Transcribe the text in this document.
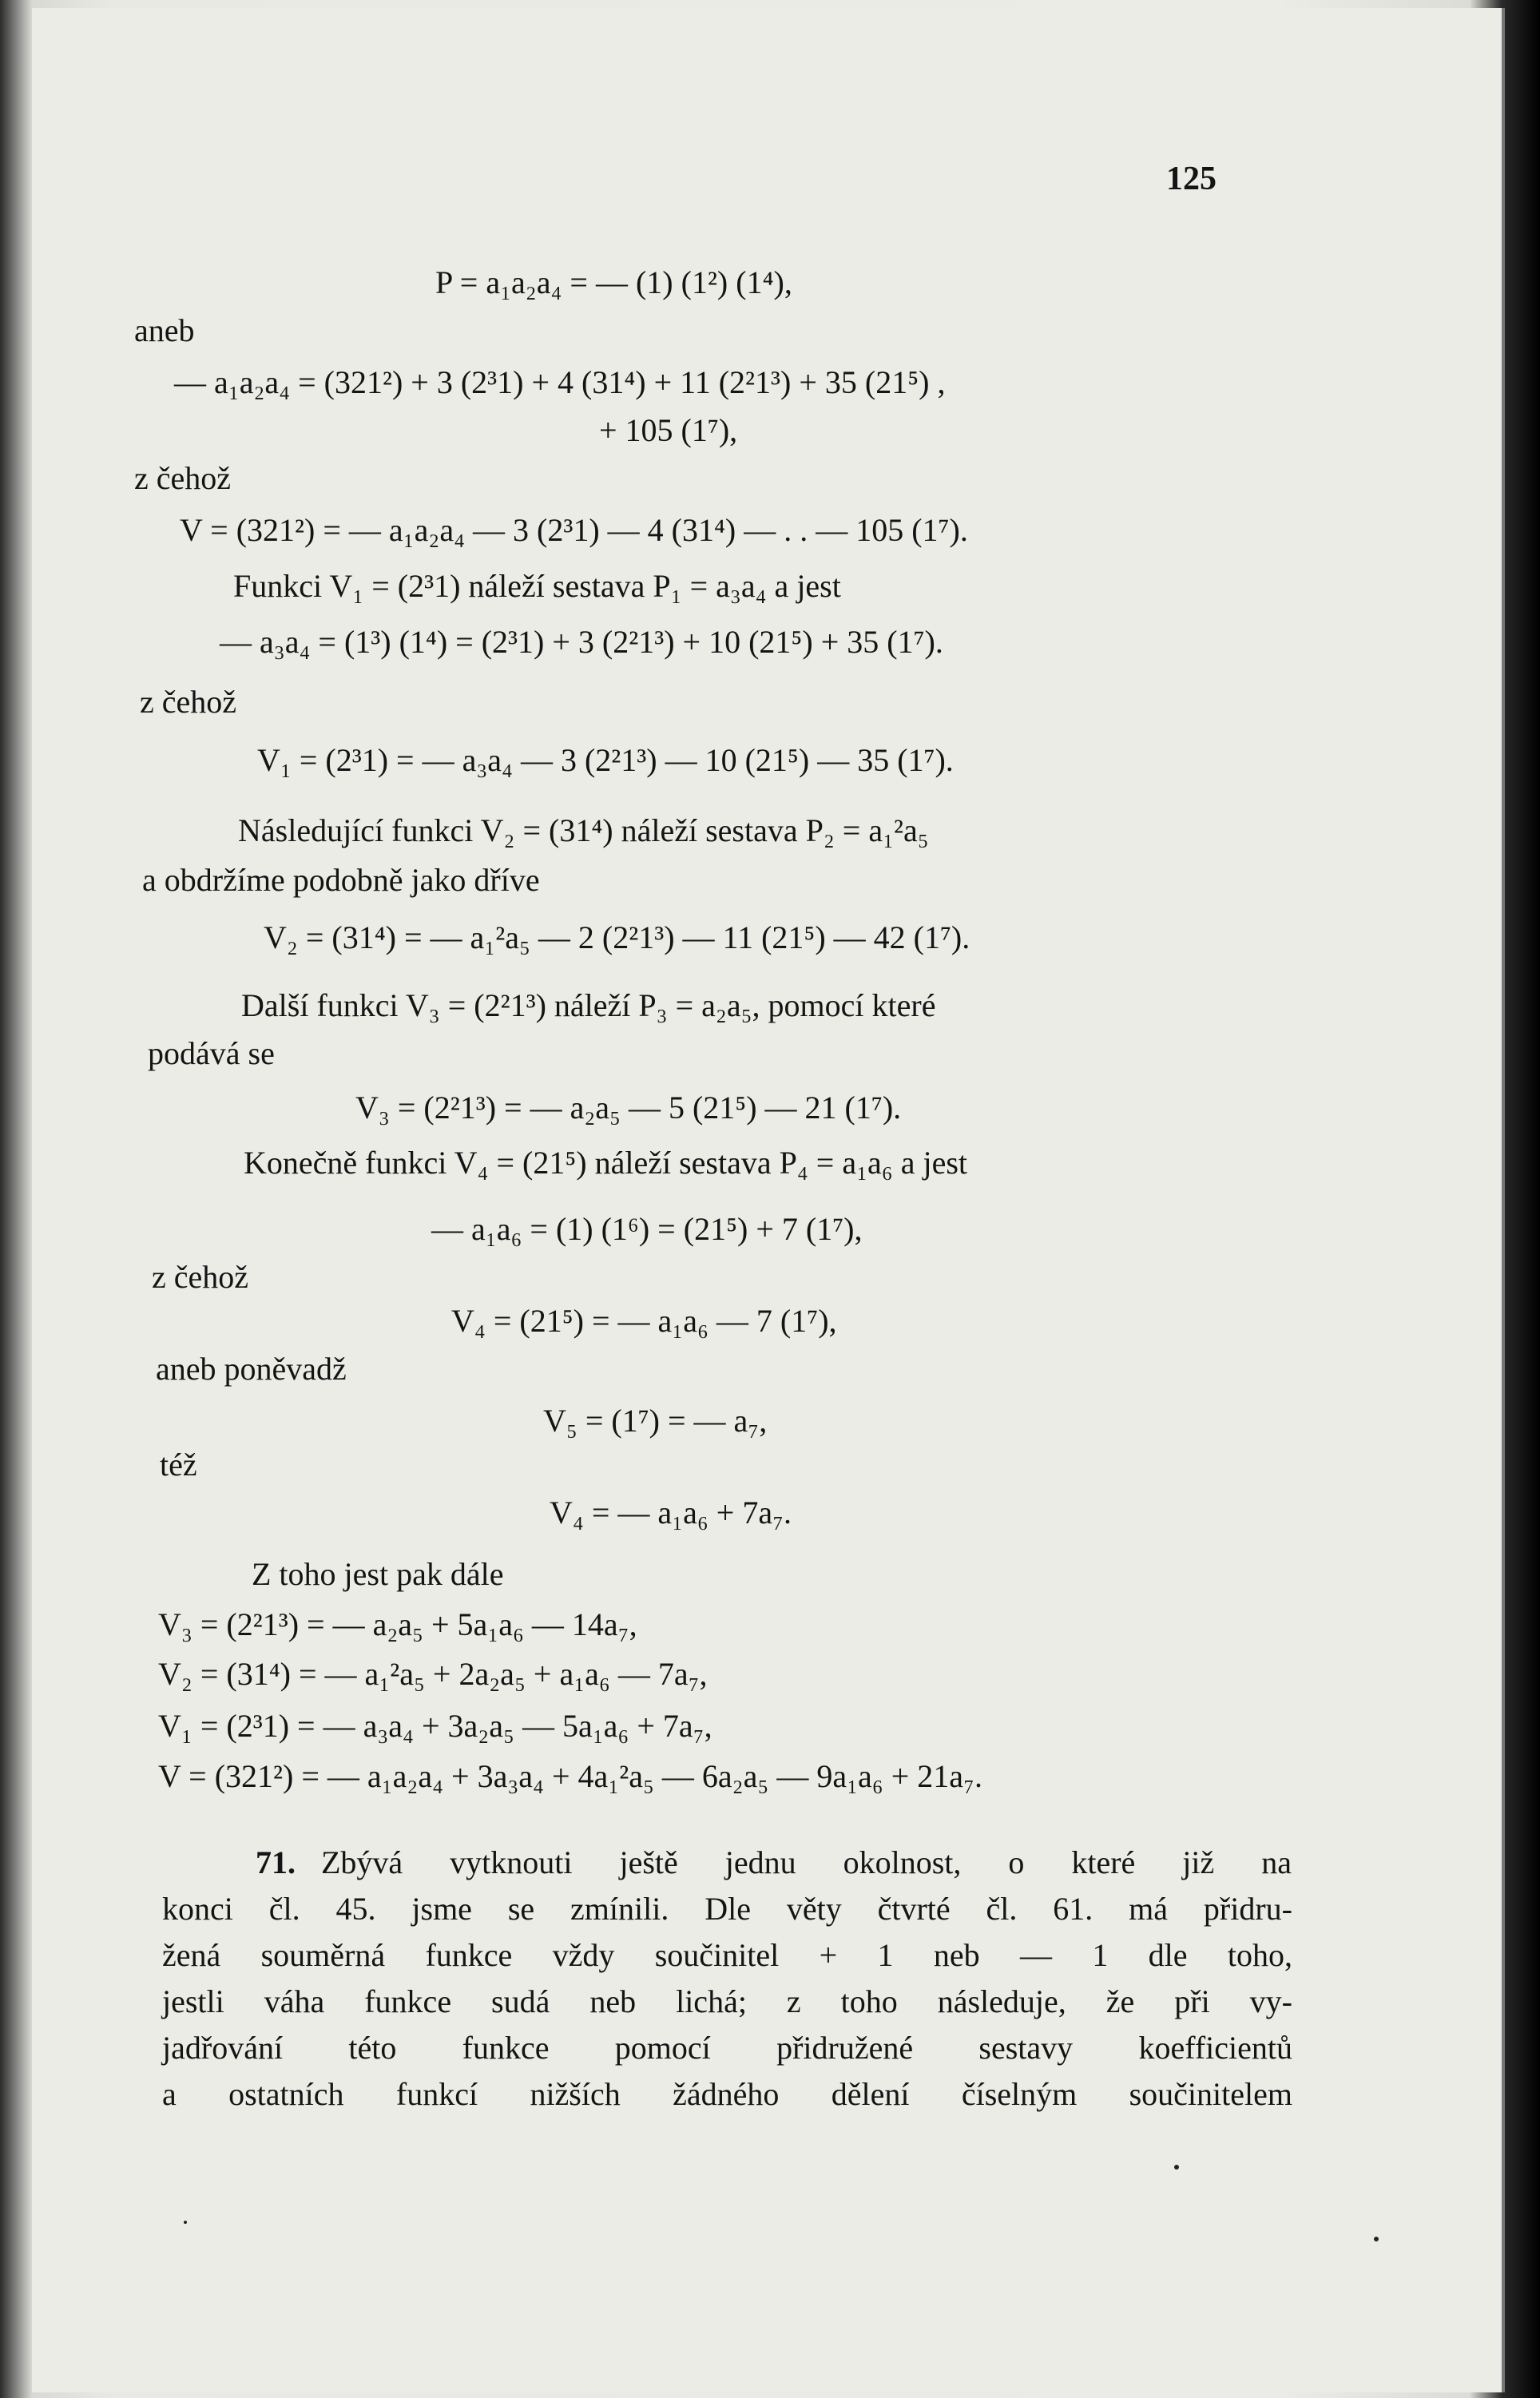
125
P = a₁a₂a₄ = — (1) (1²) (1⁴),
aneb
— a₁a₂a₄ = (321²) + 3 (2³1) + 4 (31⁴) + 11 (2²1³) + 35 (21⁵) ,
+ 105 (1⁷),
z čehož
V = (321²) = — a₁a₂a₄ — 3 (2³1) — 4 (31⁴) — . . — 105 (1⁷).
Funkci V₁ = (2³1) náleží sestava P₁ = a₃a₄ a jest
— a₃a₄ = (1³) (1⁴) = (2³1) + 3 (2²1³) + 10 (21⁵) + 35 (1⁷).
z čehož
V₁ = (2³1) = — a₃a₄ — 3 (2²1³) — 10 (21⁵) — 35 (1⁷).
Následující funkci V₂ = (31⁴) náleží sestava P₂ = a₁²a₅
a obdržíme podobně jako dříve
V₂ = (31⁴) = — a₁²a₅ — 2 (2²1³) — 11 (21⁵) — 42 (1⁷).
Další funkci V₃ = (2²1³) náleží P₃ = a₂a₅, pomocí které
podává se
V₃ = (2²1³) = — a₂a₅ — 5 (21⁵) — 21 (1⁷).
Konečně funkci V₄ = (21⁵) náleží sestava P₄ = a₁a₆ a jest
— a₁a₆ = (1) (1⁶) = (21⁵) + 7 (1⁷),
z čehož
V₄ = (21⁵) = — a₁a₆ — 7 (1⁷),
aneb poněvadž
V₅ = (1⁷) = — a₇,
též
V₄ = — a₁a₆ + 7a₇.
Z toho jest pak dále
V₃ = (2²1³) = — a₂a₅ + 5a₁a₆ — 14a₇,
V₂ = (31⁴) = — a₁²a₅ + 2a₂a₅ + a₁a₆ — 7a₇,
V₁ = (2³1) = — a₃a₄ + 3a₂a₅ — 5a₁a₆ + 7a₇,
V = (321²) = — a₁a₂a₄ + 3a₃a₄ + 4a₁²a₅ — 6a₂a₅ — 9a₁a₆ + 21a₇.
71. Zbývá vytknouti ještě jednu okolnost, o které již na
konci čl. 45. jsme se zmínili. Dle věty čtvrté čl. 61. má přidru-
žená souměrná funkce vždy součinitel + 1 neb — 1 dle toho,
jestli váha funkce sudá neb lichá; z toho následuje, že při vy-
jadřování této funkce pomocí přidružené sestavy koefficientů
a ostatních funkcí nižších žádného dělení číselným součinitelem
